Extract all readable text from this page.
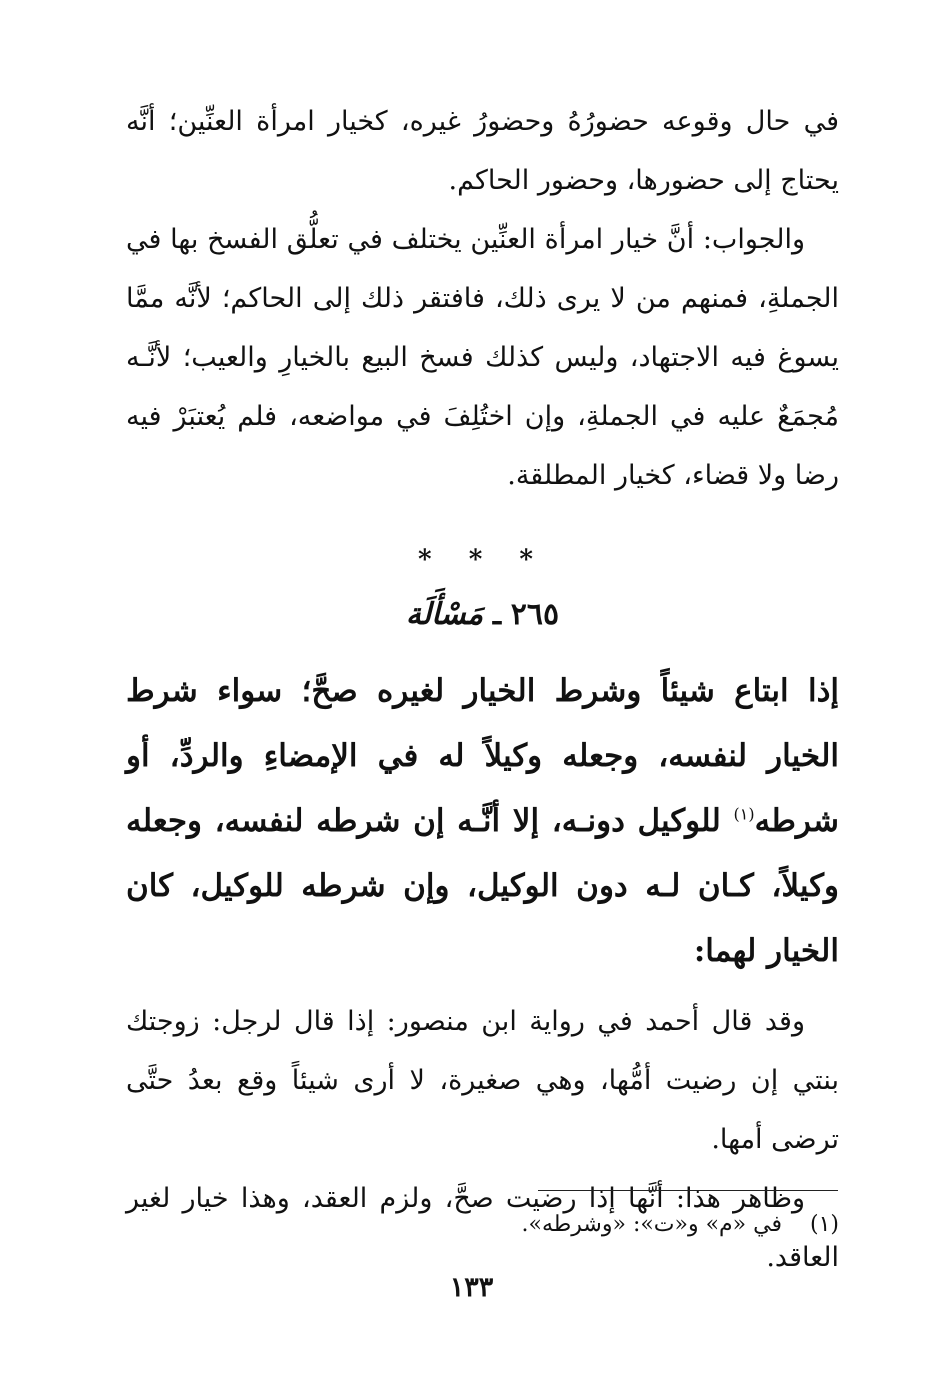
في حال وقوعه حضورُهُ وحضورُ غيره، كخيار امرأة العنِّين؛ أنَّه يحتاج إلى حضورها، وحضور الحاكم.

والجواب: أنَّ خيار امرأة العنِّين يختلف في تعلُّق الفسخ بها في الجملةِ، فمنهم من لا يرى ذلك، فافتقر ذلك إلى الحاكم؛ لأنَّه ممَّا يسوغ فيه الاجتهاد، وليس كذلك فسخ البيع بالخيارِ والعيب؛ لأنَّـه مُجمَعٌ عليه في الجملةِ، وإن اختُلِفَ في مواضعه، فلم يُعتبَرْ فيه رضا ولا قضاء، كخيار المطلقة.

* * *
٢٦٥ ـ مَسْأَلَة

إذا ابتاع شيئاً وشرط الخيار لغيره صحَّ؛ سواء شرط الخيار لنفسه، وجعله وكيلاً له في الإمضاءِ والردِّ، أو شرطه$^{(١)}$ للوكيل دونـه، إلا أنَّـه إن شرطه لنفسه، وجعله وكيلاً، كـان لـه دون الوكيل، وإن شرطه للوكيل، كان الخيار لهما:

وقد قال أحمد في رواية ابن منصور: إذا قال لرجل: زوجتك بنتي إن رضيت أمُّها، وهي صغيرة، لا أرى شيئاً وقع بعدُ حتَّى ترضى أمها.

وظاهر هذا: أنَّها إذا رضيت صحَّ، ولزم العقد، وهذا خيار لغير العاقد.

(١)    في «م» و«ت»: «وشرطه».
١٣٣
